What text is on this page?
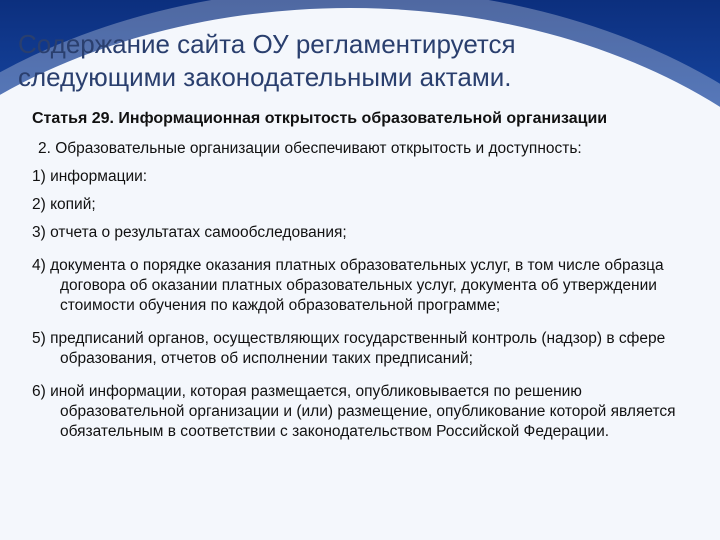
Содержание сайта ОУ регламентируется
следующими законодательными актами.

Статья 29. Информационная открытость образовательной организации

2. Образовательные организации обеспечивают открытость и доступность:

1) информации:

2) копий;

3) отчета о результатах самообследования;

4) документа о порядке оказания платных образовательных услуг, в том числе образца договора об оказании платных образовательных услуг, документа об утверждении стоимости обучения по каждой образовательной программе;

5) предписаний органов, осуществляющих государственный контроль (надзор) в сфере образования, отчетов об исполнении таких предписаний;

6) иной информации, которая размещается, опубликовывается по решению образовательной организации и (или) размещение, опубликование которой является обязательным в соответствии с законодательством Российской Федерации.
